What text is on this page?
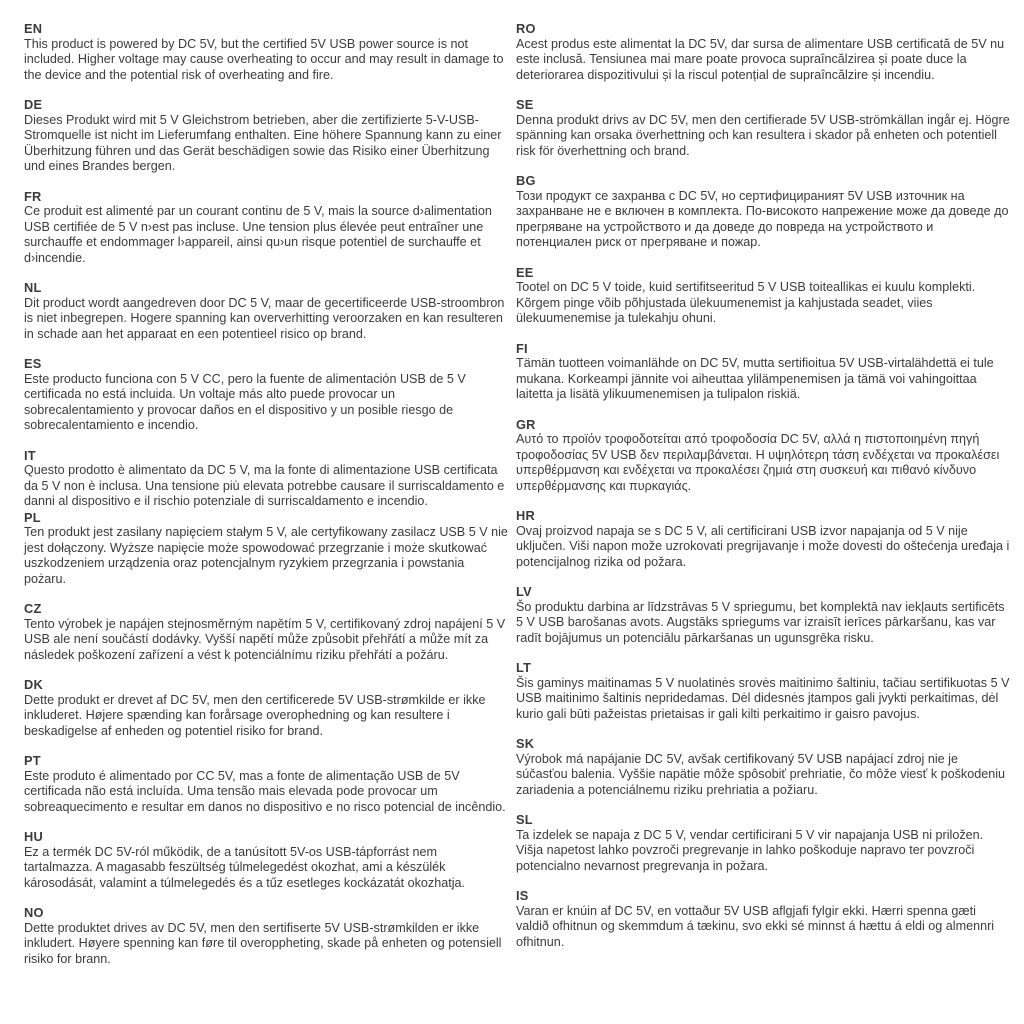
EN

This product is powered by DC 5V, but the certified 5V USB power source is not included. Higher voltage may cause overheating to occur and may result in damage to the device and the potential risk of overheating and fire.

DE

Dieses Produkt wird mit 5 V Gleichstrom betrieben, aber die zertifizierte 5-V-USB-Stromquelle ist nicht im Lieferumfang enthalten. Eine höhere Spannung kann zu einer Überhitzung führen und das Gerät beschädigen sowie das Risiko einer Überhitzung und eines Brandes bergen.

FR

Ce produit est alimenté par un courant continu de 5 V, mais la source d›alimentation USB certifiée de 5 V n›est pas incluse. Une tension plus élevée peut entraîner une surchauffe et endommager l›appareil, ainsi qu›un risque potentiel de surchauffe et d›incendie.

NL

Dit product wordt aangedreven door DC 5 V, maar de gecertificeerde USB-stroombron is niet inbegrepen. Hogere spanning kan oververhitting veroorzaken en kan resulteren in schade aan het apparaat en een potentieel risico op brand.

ES

Este producto funciona con 5 V CC, pero la fuente de alimentación USB de 5 V certificada no está incluida. Un voltaje más alto puede provocar un sobrecalentamiento y provocar daños en el dispositivo y un posible riesgo de sobrecalentamiento e incendio.

IT

Questo prodotto è alimentato da DC 5 V, ma la fonte di alimentazione USB certificata da 5 V non è inclusa. Una tensione più elevata potrebbe causare il surriscaldamento e danni al dispositivo e il rischio potenziale di surriscaldamento e incendio.

PL

Ten produkt jest zasilany napięciem stałym 5 V, ale certyfikowany zasilacz USB 5 V nie jest dołączony. Wyższe napięcie może spowodować przegrzanie i może skutkować uszkodzeniem urządzenia oraz potencjalnym ryzykiem przegrzania i powstania pożaru.

CZ

Tento výrobek je napájen stejnosměrným napětím 5 V, certifikovaný zdroj napájení 5 V USB ale není součástí dodávky. Vyšší napětí může způsobit přehřátí a může mít za následek poškození zařízení a vést k potenciálnímu riziku přehřátí a požáru.

DK

Dette produkt er drevet af DC 5V, men den certificerede 5V USB-strømkilde er ikke inkluderet. Højere spænding kan forårsage overophedning og kan resultere i beskadigelse af enheden og potentiel risiko for brand.

PT

Este produto é alimentado por CC 5V, mas a fonte de alimentação USB de 5V certificada não está incluída. Uma tensão mais elevada pode provocar um sobreaquecimento e resultar em danos no dispositivo e no risco potencial de incêndio.

HU

Ez a termék DC 5V-ról működik, de a tanúsított 5V-os USB-tápforrást nem tartalmazza. A magasabb feszültség túlmelegedést okozhat, ami a készülék károsodását, valamint a túlmelegedés és a tűz esetleges kockázatát okozhatja.

NO

Dette produktet drives av DC 5V, men den sertifiserte 5V USB-strømkilden er ikke inkludert. Høyere spenning kan føre til overoppheting, skade på enheten og potensiell risiko for brann.

RO

Acest produs este alimentat la DC 5V, dar sursa de alimentare USB certificată de 5V nu este inclusă. Tensiunea mai mare poate provoca supraîncălzirea și poate duce la deteriorarea dispozitivului și la riscul potențial de supraîncălzire și incendiu.

SE

Denna produkt drivs av DC 5V, men den certifierade 5V USB-strömkällan ingår ej. Högre spänning kan orsaka överhettning och kan resultera i skador på enheten och potentiell risk för överhettning och brand.

BG

Този продукт се захранва с DC 5V, но сертифицираният 5V USB източник на захранване не е включен в комплекта. По-високото напрежение може да доведе до прегряване на устройството и да доведе до повреда на устройството и потенциален риск от прегряване и пожар.

EE

Tootel on DC 5 V toide, kuid sertifitseeritud 5 V USB toiteallikas ei kuulu komplekti. Kõrgem pinge võib põhjustada ülekuumenemist ja kahjustada seadet, viies ülekuumenemise ja tulekahju ohuni.

FI

Tämän tuotteen voimanlähde on DC 5V, mutta sertifioitua 5V USB-virtalähdettä ei tule mukana. Korkeampi jännite voi aiheuttaa ylilämpenemisen ja tämä voi vahingoittaa laitetta ja lisätä ylikuumenemisen ja tulipalon riskiä.

GR

Αυτό το προϊόν τροφοδοτείται από τροφοδοσία DC 5V, αλλά η πιστοποιημένη πηγή τροφοδοσίας 5V USB δεν περιλαμβάνεται. Η υψηλότερη τάση ενδέχεται να προκαλέσει υπερθέρμανση και ενδέχεται να προκαλέσει ζημιά στη συσκευή και πιθανό κίνδυνο υπερθέρμανσης και πυρκαγιάς.

HR

Ovaj proizvod napaja se s DC 5 V, ali certificirani USB izvor napajanja od 5 V nije uključen. Viši napon može uzrokovati pregrijavanje i može dovesti do oštećenja uređaja i potencijalnog rizika od požara.

LV

Šo produktu darbina ar līdzstrāvas 5 V spriegumu, bet komplektā nav iekļauts sertificēts 5 V USB barošanas avots. Augstāks spriegums var izraisīt ierīces pārkaršanu, kas var radīt bojājumus un potenciālu pārkaršanas un ugunsgrēka risku.

LT

Šis gaminys maitinamas 5 V nuolatinės srovės maitinimo šaltiniu, tačiau sertifikuotas 5 V USB maitinimo šaltinis nepridedamas. Dėl didesnės jtampos gali jvykti perkaitimas, dėl kurio gali būti pažeistas prietaisas ir gali kilti perkaitimo ir gaisro pavojus.

SK

Výrobok má napájanie DC 5V, avšak certifikovaný 5V USB napájací zdroj nie je súčasťou balenia. Vyššie napätie môže spôsobiť prehriatie, čo môže viesť k poškodeniu zariadenia a potenciálnemu riziku prehriatia a požiaru.

SL

Ta izdelek se napaja z DC 5 V, vendar certificirani 5 V vir napajanja USB ni priložen. Višja napetost lahko povzroči pregrevanje in lahko poškoduje napravo ter povzroči potencialno nevarnost pregrevanja in požara.

IS

Varan er knúin af DC 5V, en vottaður 5V USB aflgjafi fylgir ekki. Hærri spenna gæti valdið ofhitnun og skemmdum á tækinu, svo ekki sé minnst á hættu á eldi og almennri ofhitnun.
